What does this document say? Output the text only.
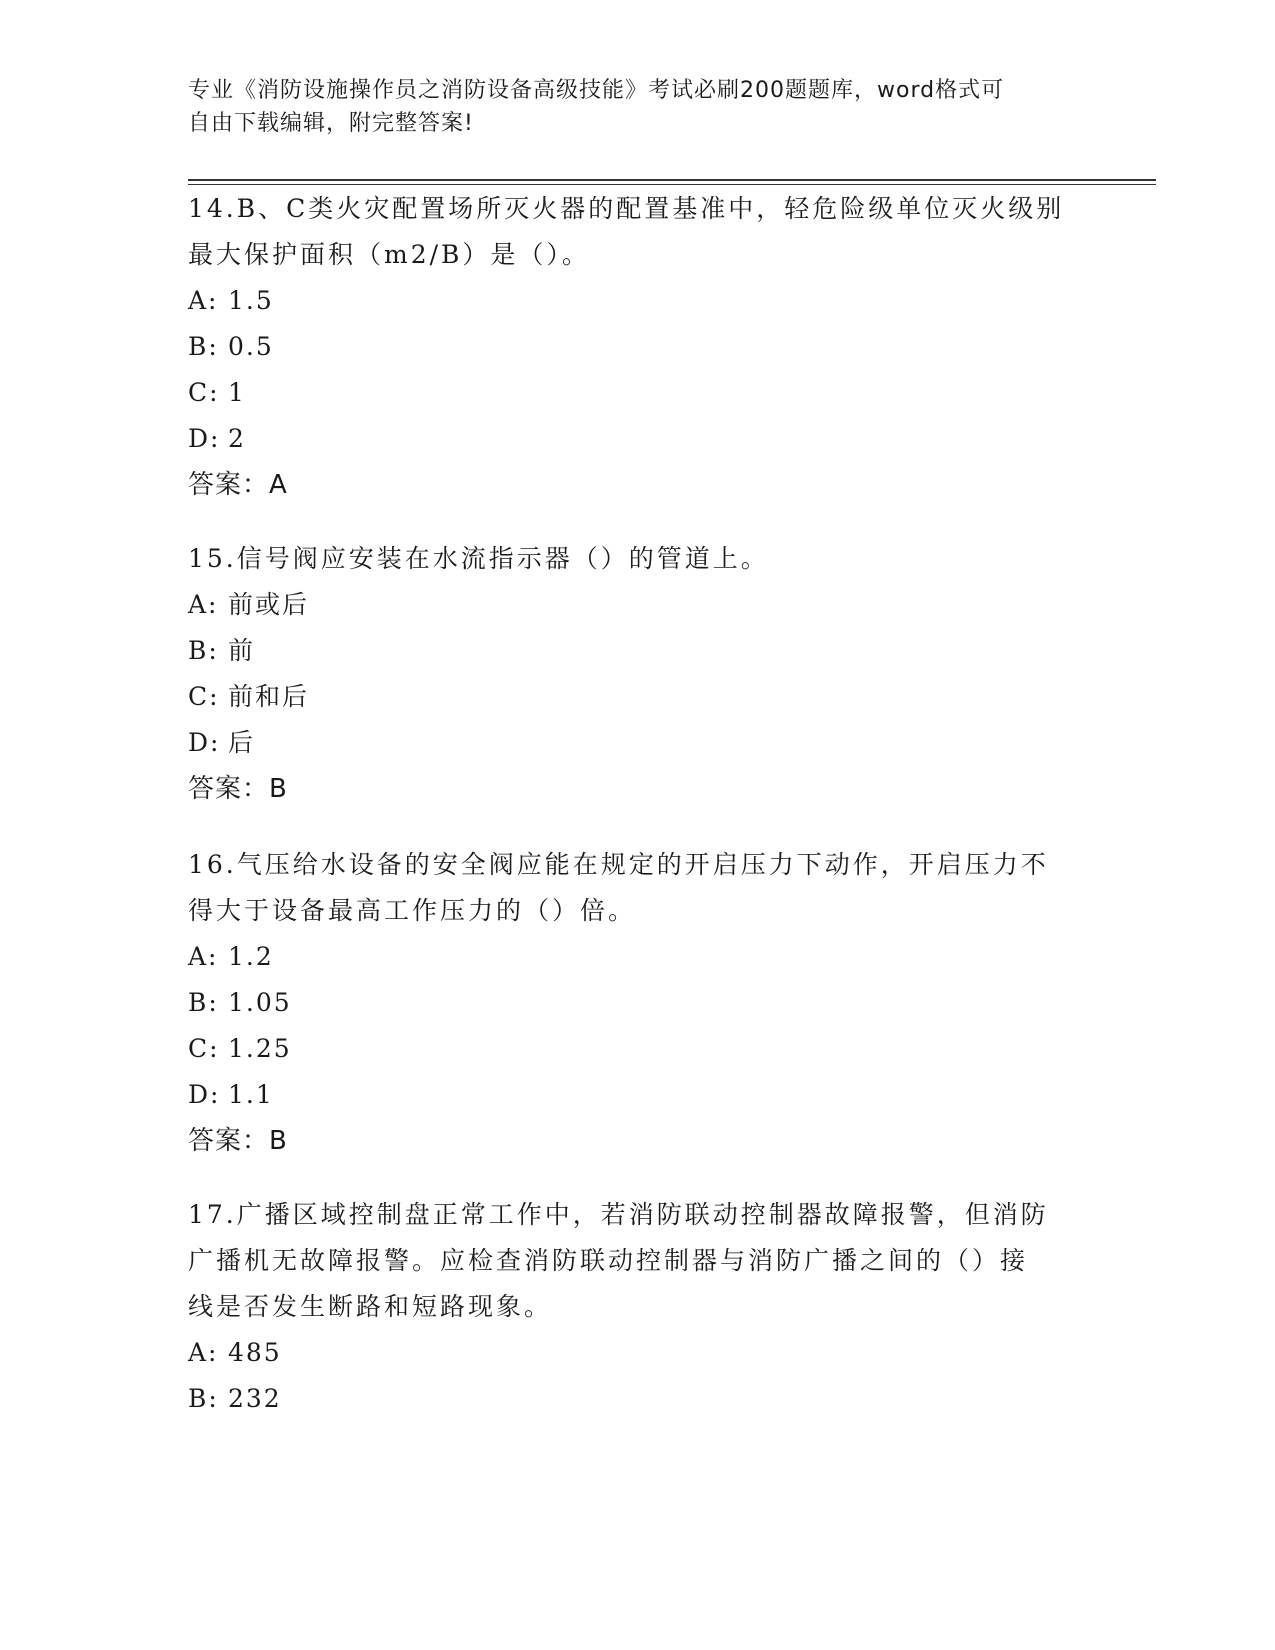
专业《消防设施操作员之消防设备高级技能》考试必刷200题题库，word格式可
自由下载编辑，附完整答案!

14.B、C类火灾配置场所灭火器的配置基准中，轻危险级单位灭火级别

最大保护面积（m2/B）是（）。

A: 1.5

B: 0.5

C: 1

D: 2

答案：A

15.信号阀应安装在水流指示器（）的管道上。

A: 前或后

B: 前

C: 前和后

D: 后

答案：B

16.气压给水设备的安全阀应能在规定的开启压力下动作，开启压力不

得大于设备最高工作压力的（）倍。

A: 1.2

B: 1.05

C: 1.25

D: 1.1

答案：B

17.广播区域控制盘正常工作中，若消防联动控制器故障报警，但消防

广播机无故障报警。应检查消防联动控制器与消防广播之间的（）接

线是否发生断路和短路现象。

A: 485

B: 232
